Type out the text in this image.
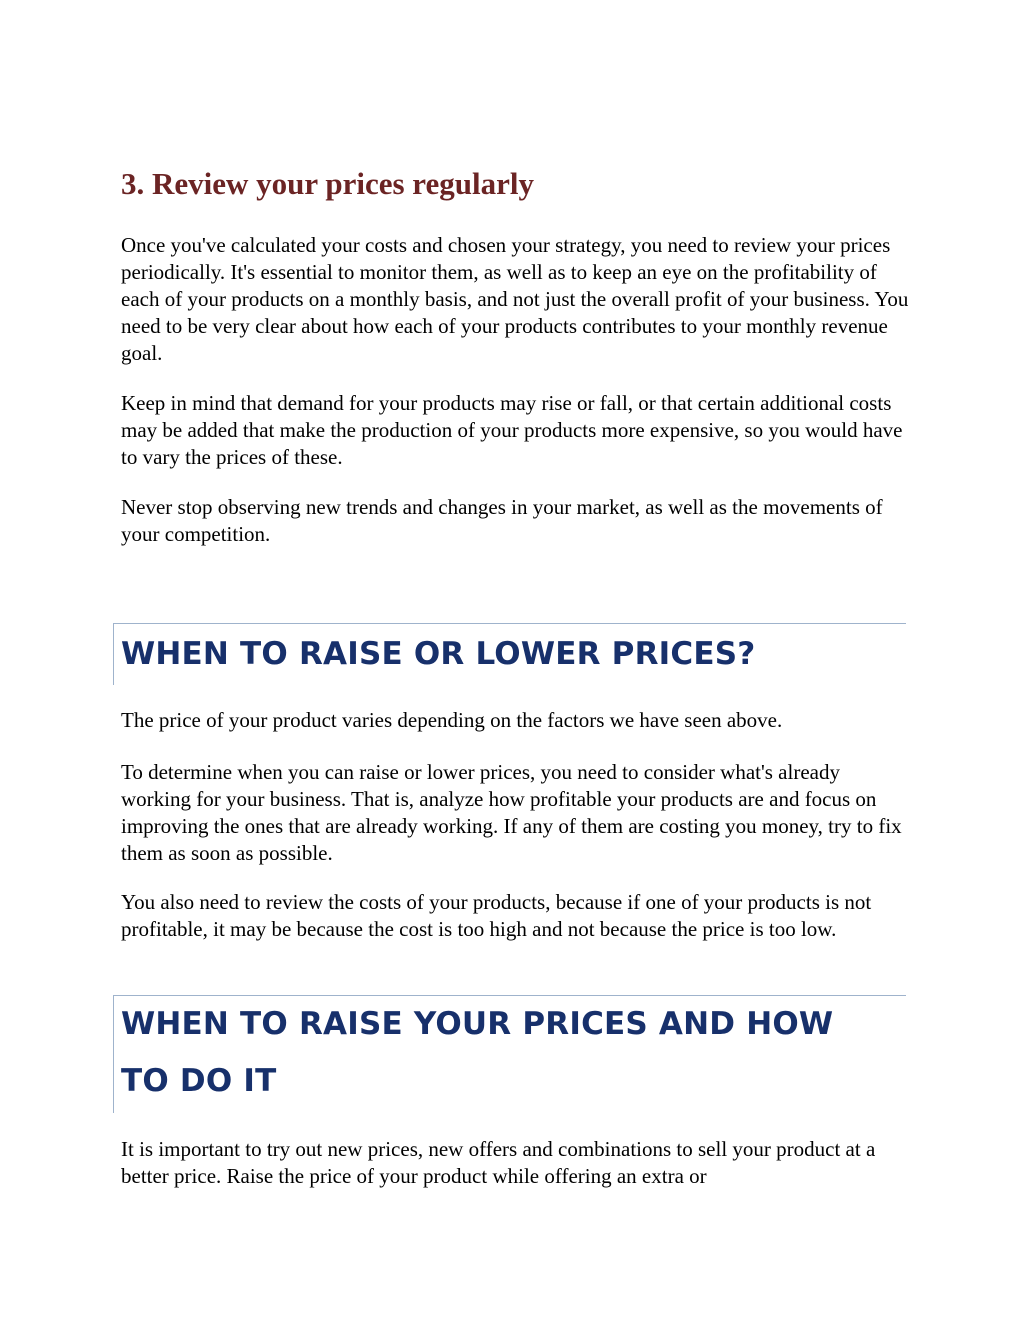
3. Review your prices regularly

Once you've calculated your costs and chosen your strategy, you need to review your prices periodically. It's essential to monitor them, as well as to keep an eye on the profitability of each of your products on a monthly basis, and not just the overall profit of your business. You need to be very clear about how each of your products contributes to your monthly revenue goal.

Keep in mind that demand for your products may rise or fall, or that certain additional costs may be added that make the production of your products more expensive, so you would have to vary the prices of these.

Never stop observing new trends and changes in your market, as well as the movements of your competition.

WHEN TO RAISE OR LOWER PRICES?

The price of your product varies depending on the factors we have seen above.

To determine when you can raise or lower prices, you need to consider what's already working for your business. That is, analyze how profitable your products are and focus on improving the ones that are already working. If any of them are costing you money, try to fix them as soon as possible.

You also need to review the costs of your products, because if one of your products is not profitable, it may be because the cost is too high and not because the price is too low.

WHEN TO RAISE YOUR PRICES AND HOW
TO DO IT

It is important to try out new prices, new offers and combinations to sell your product at a better price. Raise the price of your product while offering an extra or
